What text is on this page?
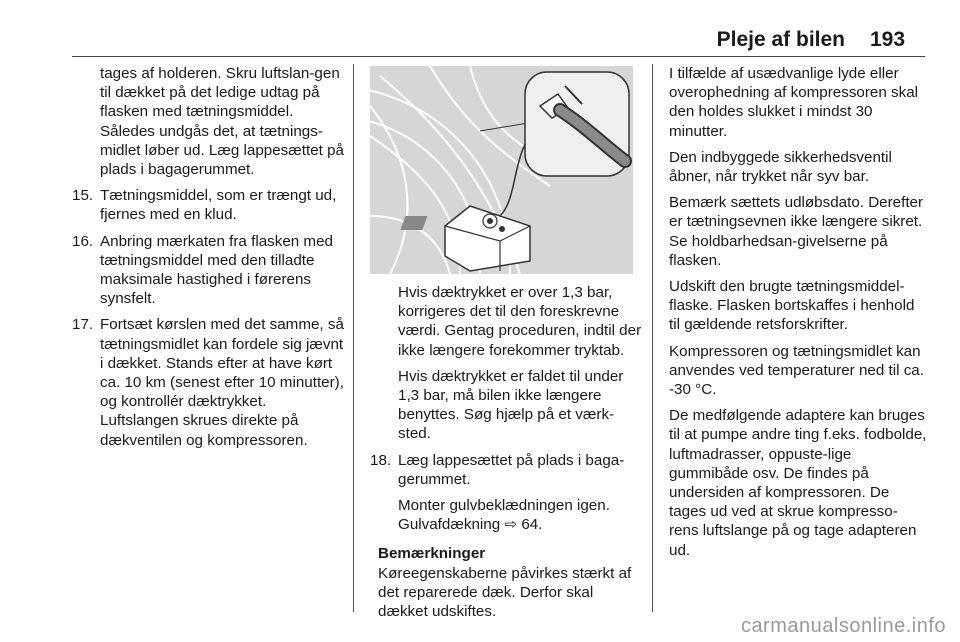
Pleje af bilen 193

tages af holderen. Skru luftslan-gen til dækket på det ledige udtag på flasken med tætningsmiddel. Således undgås det, at tætnings-midlet løber ud. Læg lappesættet på plads i bagagerummet.

15. Tætningsmiddel, som er trængt ud, fjernes med en klud.
16. Anbring mærkaten fra flasken med tætningsmiddel med den tilladte maksimale hastighed i førerens synsfelt.
17. Fortsæt kørslen med det samme, så tætningsmidlet kan fordele sig jævnt i dækket. Stands efter at have kørt ca. 10 km (senest efter 10 minutter), og kontrollér dæktrykket. Luftslangen skrues direkte på dækventilen og kompressoren.

Hvis dæktrykket er over 1,3 bar, korrigeres det til den foreskrevne værdi. Gentag proceduren, indtil der ikke længere forekommer tryktab.

Hvis dæktrykket er faldet til under 1,3 bar, må bilen ikke længere benyttes. Søg hjælp på et værk-sted.

18. Læg lappesættet på plads i baga-gerummet.

Monter gulvbeklædningen igen. Gulvafdækning ⇨ 64.

Bemærkninger

Køreegenskaberne påvirkes stærkt af det reparerede dæk. Derfor skal dækket udskiftes.

I tilfælde af usædvanlige lyde eller overophedning af kompressoren skal den holdes slukket i mindst 30 minutter.

Den indbyggede sikkerhedsventil åbner, når trykket når syv bar.

Bemærk sættets udløbsdato. Derefter er tætningsevnen ikke længere sikret. Se holdbarhedsan-givelserne på flasken.

Udskift den brugte tætningsmiddel-flaske. Flasken bortskaffes i henhold til gældende retsforskrifter.

Kompressoren og tætningsmidlet kan anvendes ved temperaturer ned til ca. -30 °C.

De medfølgende adaptere kan bruges til at pumpe andre ting f.eks. fodbolde, luftmadrasser, oppuste-lige gummibåde osv. De findes på undersiden af kompressoren. De tages ud ved at skrue kompresso-rens luftslange på og tage adapteren ud.

carmanualsonline.info
